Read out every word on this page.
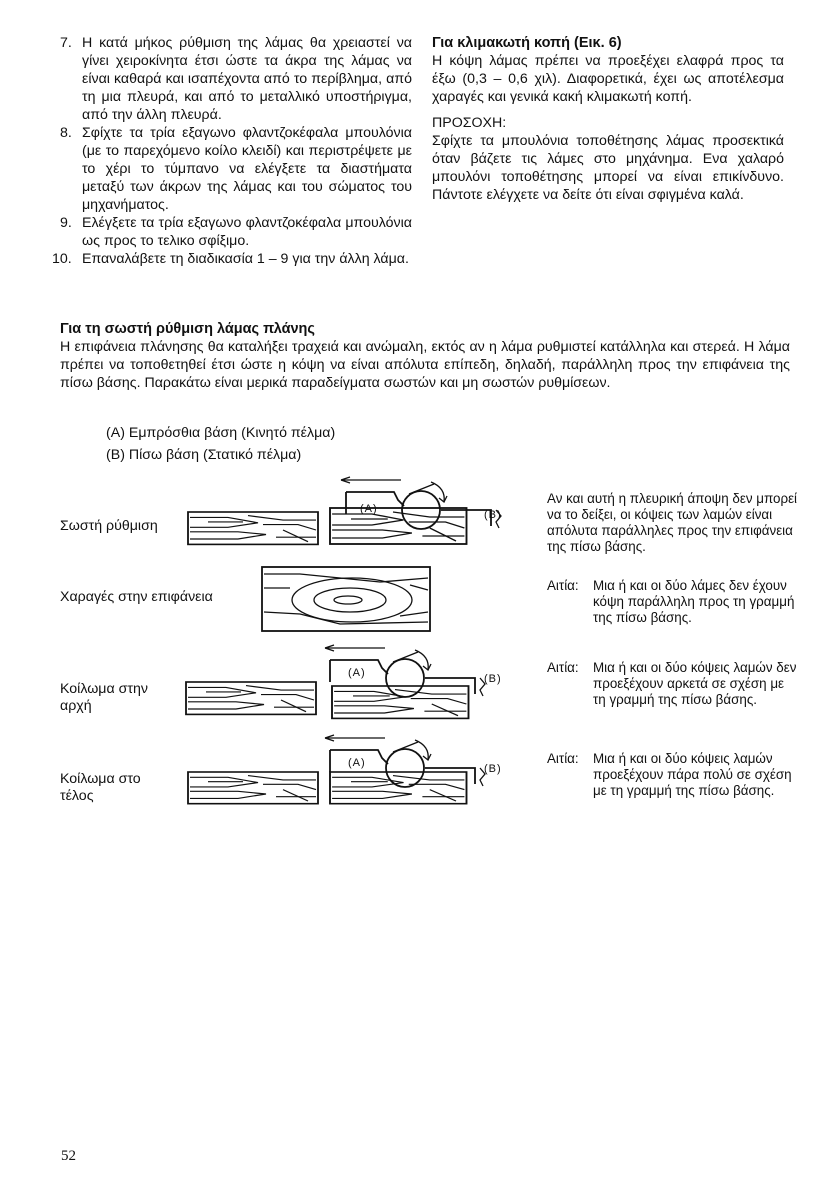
7. Η κατά μήκος ρύθμιση της λάμας θα χρειαστεί να γίνει χειροκίνητα έτσι ώστε τα άκρα της λάμας να είναι καθαρά και ισαπέχοντα από το περίβλημα, από τη μια πλευρά, και από το μεταλλικό υποστήριγμα, από την άλλη πλευρά.
8. Σφίχτε τα τρία εξαγωνο φλαντζοκέφαλα μπουλόνια (με το παρεχόμενο κοίλο κλειδί) και περιστρέψετε με το χέρι το τύμπανο να ελέγξετε τα διαστήματα μεταξύ των άκρων της λάμας και του σώματος του μηχανήματος.
9. Ελέγξετε τα τρία εξαγωνο φλαντζοκέφαλα μπουλόνια ως προς το τελικο σφίξιμο.
10. Επαναλάβετε τη διαδικασία 1 – 9 για την άλλη λάμα.
Για κλιμακωτή κοπή (Εικ. 6)

Η κόψη λάμας πρέπει να προεξέχει ελαφρά προς τα έξω (0,3 – 0,6 χιλ). Διαφορετικά, έχει ως αποτέλεσμα χαραγές και γενικά κακή κλιμακωτή κοπή.

ΠΡΟΣΟΧΗ:

Σφίχτε τα μπουλόνια τοποθέτησης λάμας προσεκτικά όταν βάζετε τις λάμες στο μηχάνημα. Ενα χαλαρό μπουλόνι τοποθέτησης μπορεί να είναι επικίνδυνο. Πάντοτε ελέγχετε να δείτε ότι είναι σφιγμένα καλά.

Για τη σωστή ρύθμιση λάμας πλάνης

Η επιφάνεια πλάνησης θα καταλήξει τραχειά και ανώμαλη, εκτός αν η λάμα ρυθμιστεί κατάλληλα και στερεά. Η λάμα πρέπει να τοποθετηθεί έτσι ώστε η κόψη να είναι απόλυτα επίπεδη, δηλαδή, παράλληλη προς την επιφάνεια της πίσω βάσης. Παρακάτω είναι μερικά παραδείγματα σωστών και μη σωστών ρυθμίσεων.

(A) Εμπρόσθια βάση (Κινητό πέλμα)
(B) Πίσω βάση (Στατικό πέλμα)
Σωστή ρύθμιση
Χαραγές στην επιφάνεια
Κοίλωμα στην
αρχή
Κοίλωμα στο
τέλος
Αν και αυτή η πλευρική άποψη δεν μπορεί να το δείξει, οι κόψεις των λαμών είναι απόλυτα παράλληλες προς την επιφάνεια της πίσω βάσης.
Αιτία:	Μια ή και οι δύο λάμες δεν έχουν κόψη παράλληλη προς τη γραμμή της πίσω βάσης.
Αιτία:	Μια ή και οι δύο κόψεις λαμών δεν προεξέχουν αρκετά σε σχέση με τη γραμμή της πίσω βάσης.
Αιτία:	Μια ή και οι δύο κόψεις λαμών προεξέχουν πάρα πολύ σε σχέση με τη γραμμή της πίσω βάσης.
(A)	(B)
(A)	(B)
(A)	(B)
52
